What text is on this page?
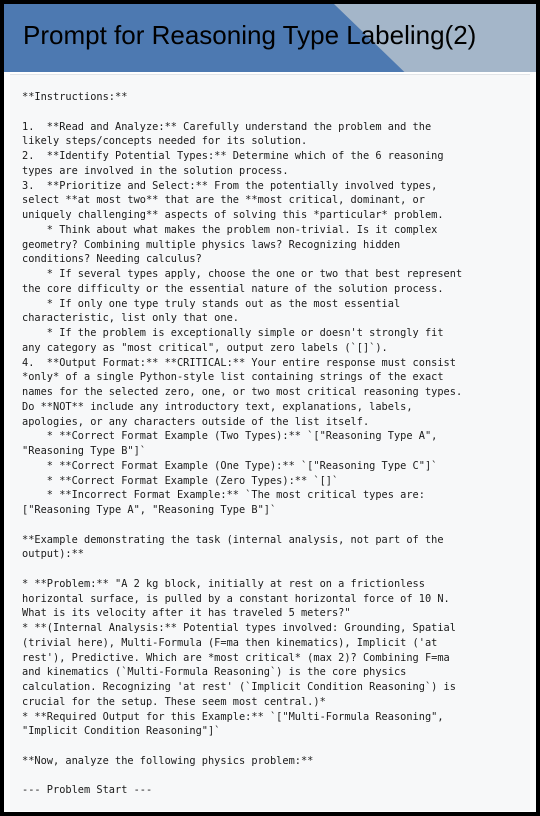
Prompt for Reasoning Type Labeling(2)
**Instructions:**
1.  **Read and Analyze:** Carefully understand the problem and the
likely steps/concepts needed for its solution.
2.  **Identify Potential Types:** Determine which of the 6 reasoning
types are involved in the solution process.
3.  **Prioritize and Select:** From the potentially involved types,
select **at most two** that are the **most critical, dominant, or
uniquely challenging** aspects of solving this *particular* problem.
* Think about what makes the problem non-trivial. Is it complex
geometry? Combining multiple physics laws? Recognizing hidden
conditions? Needing calculus?
* If several types apply, choose the one or two that best represent
the core difficulty or the essential nature of the solution process.
* If only one type truly stands out as the most essential
characteristic, list only that one.
* If the problem is exceptionally simple or doesn't strongly fit
any category as "most critical", output zero labels (`[]`).
4.  **Output Format:** **CRITICAL:** Your entire response must consist
*only* of a single Python-style list containing strings of the exact
names for the selected zero, one, or two most critical reasoning types.
Do **NOT** include any introductory text, explanations, labels,
apologies, or any characters outside of the list itself.
* **Correct Format Example (Two Types):** `["Reasoning Type A",
"Reasoning Type B"]`
* **Correct Format Example (One Type):** `["Reasoning Type C"]`
* **Correct Format Example (Zero Types):** `[]`
* **Incorrect Format Example:** `The most critical types are:
["Reasoning Type A", "Reasoning Type B"]`
**Example demonstrating the task (internal analysis, not part of the
output):**
* **Problem:** "A 2 kg block, initially at rest on a frictionless
horizontal surface, is pulled by a constant horizontal force of 10 N.
What is its velocity after it has traveled 5 meters?"
* **(Internal Analysis:** Potential types involved: Grounding, Spatial
(trivial here), Multi-Formula (F=ma then kinematics), Implicit ('at
rest'), Predictive. Which are *most critical* (max 2)? Combining F=ma
and kinematics (`Multi-Formula Reasoning`) is the core physics
calculation. Recognizing 'at rest' (`Implicit Condition Reasoning`) is
crucial for the setup. These seem most central.)*
* **Required Output for this Example:** `["Multi-Formula Reasoning",
"Implicit Condition Reasoning"]`
**Now, analyze the following physics problem:**
--- Problem Start ---
